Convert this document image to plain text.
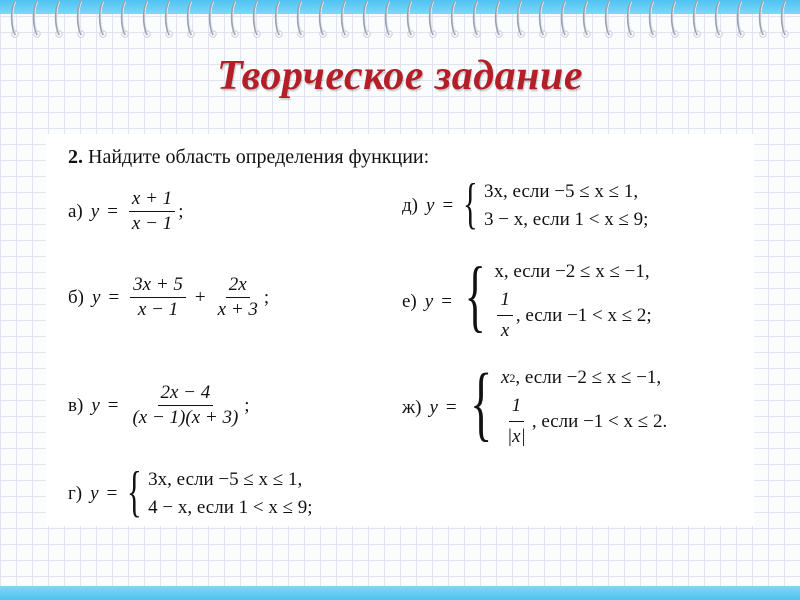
Творческое задание
2. Найдите область определения функции:
а) $y = \frac{x + 1}{x - 1}$ ;
б) $y = \frac{3x + 5}{x - 1} + \frac{2x}{x + 3}$ ;
в) $y = \frac{2x - 4}{(x - 1)(x + 3)}$ ;
г) y = { 3x, если −5 ≤ x ≤ 1,
4 − x, если 1 < x ≤ 9;
д) y = { 3x, если −5 ≤ x ≤ 1,
3 − x, если 1 < x ≤ 9;
е) y = { x, если −2 ≤ x ≤ −1,
$\frac{1}{x}$ , если −1 < x ≤ 2;
ж) y = { x 2 , если −2 ≤ x ≤ −1,
$\frac{1}{|x|}$ , если −1 < x ≤ 2.
